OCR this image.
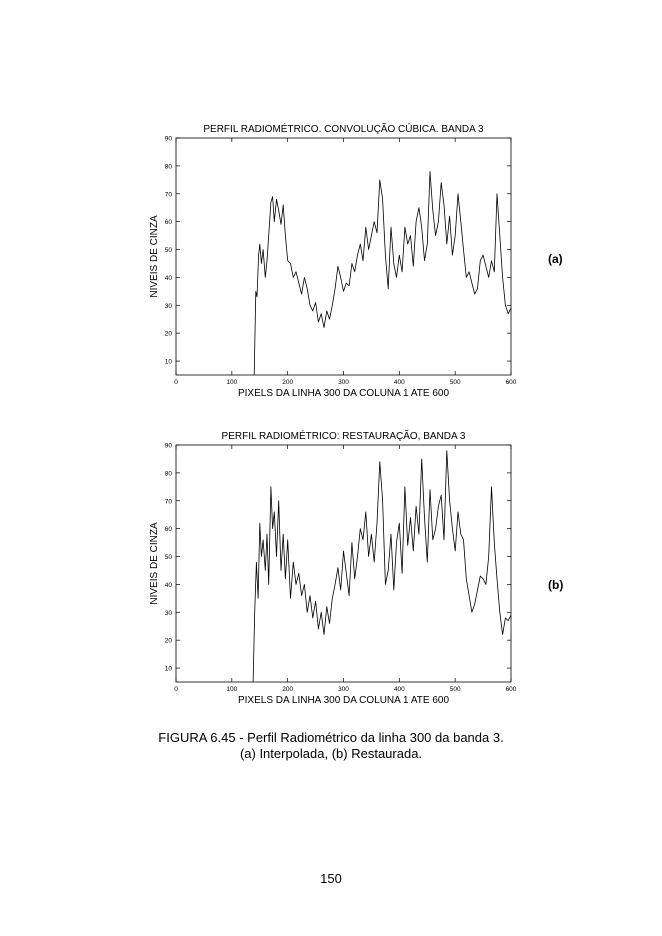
PERFIL RADIOMÉTRICO. CONVOLUÇÃO CÚBICA. BANDA 3
10
20
30
40
50
60
70
80
90
0	100	200	300	400	500	600
PIXELS DA LINHA 300 DA COLUNA 1 ATE 600
NIVEIS DE CINZA	(a)
PERFIL RADIOMÉTRICO: RESTAURAÇÃO, BANDA 3
10
20
30
40
50
60
70
80
90
0	100	200	300	400	500	600
PIXELS DA LINHA 300 DA COLUNA 1 ATE 600
NIVEIS DE CINZA	(b)
FIGURA 6.45 - Perfil Radiométrico da linha 300 da banda 3.
(a) Interpolada, (b) Restaurada.
150
